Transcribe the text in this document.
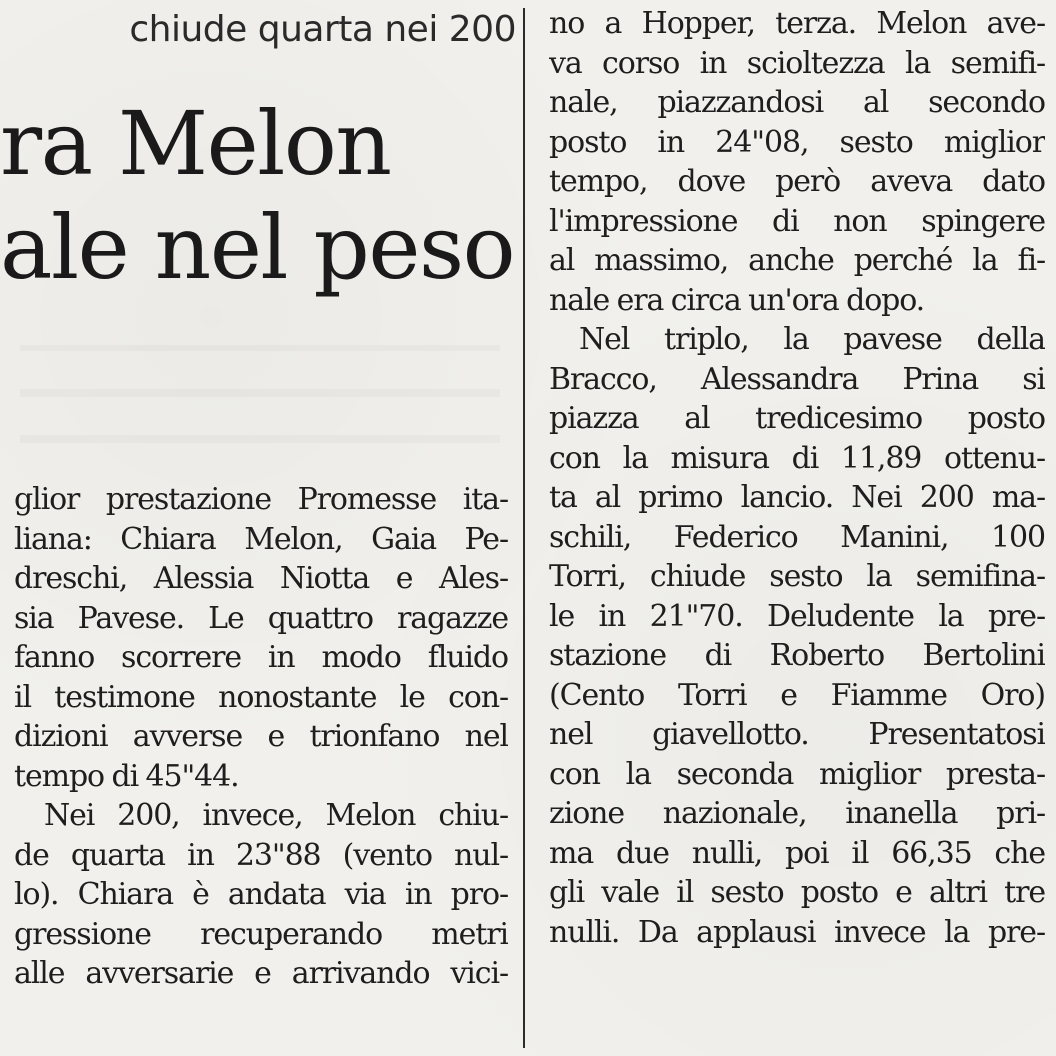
chiude quarta nei 200
ra Melon
ale nel peso
glior prestazione Promesse ita-
liana: Chiara Melon, Gaia Pe-
dreschi, Alessia Niotta e Ales-
sia Pavese. Le quattro ragazze
fanno scorrere in modo fluido
il testimone nonostante le con-
dizioni avverse e trionfano nel
tempo di 45"44.
Nei 200, invece, Melon chiu-
de quarta in 23"88 (vento nul-
lo). Chiara è andata via in pro-
gressione recuperando metri
alle avversarie e arrivando vici-
no a Hopper, terza. Melon ave-
va corso in scioltezza la semifi-
nale, piazzandosi al secondo
posto in 24"08, sesto miglior
tempo, dove però aveva dato
l'impressione di non spingere
al massimo, anche perché la fi-
nale era circa un'ora dopo.
Nel triplo, la pavese della
Bracco, Alessandra Prina si
piazza al tredicesimo posto
con la misura di 11,89 ottenu-
ta al primo lancio. Nei 200 ma-
schili, Federico Manini, 100
Torri, chiude sesto la semifina-
le in 21"70. Deludente la pre-
stazione di Roberto Bertolini
(Cento Torri e Fiamme Oro)
nel giavellotto. Presentatosi
con la seconda miglior presta-
zione nazionale, inanella pri-
ma due nulli, poi il 66,35 che
gli vale il sesto posto e altri tre
nulli. Da applausi invece la pre-
